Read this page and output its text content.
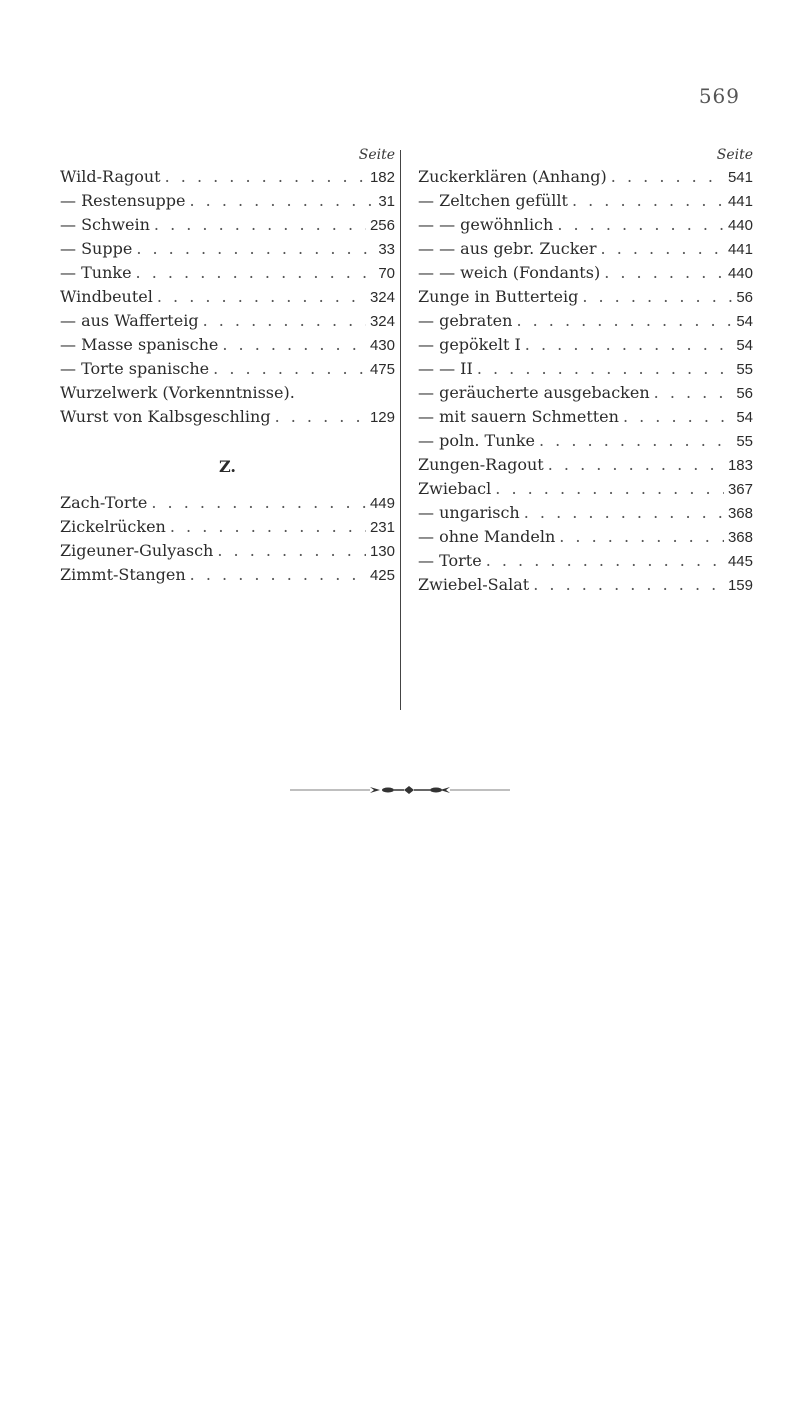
569
Seite
Wild-Ragout . . .	182
— Restensuppe . . .	31
— Schwein . . .	256
— Suppe . . .	33
— Tunke . . .	70
Windbeutel . . .	324
— aus Wafferteig . . .	324
— Masse spanische . . .	430
— Torte spanische . . .	475
Wurzelwerk (Vorkenntnisse).
Wurst von Kalbsgeschling . . .	129
Z.
Zach-Torte . . .	449
Zickelrücken . . .	231
Zigeuner-Gulyasch . . .	130
Zimmt-Stangen . . .	425
Seite
Zuckerklären (Anhang) . . .	541
— Zeltchen gefüllt . . .	441
— — gewöhnlich . . .	440
— — aus gebr. Zucker . . .	441
— — weich (Fondants) . . .	440
Zunge in Butterteig . . .	56
— gebraten . . .	54
— gepökelt I . . .	54
— — II . . .	55
— geräucherte ausgebacken . . .	56
— mit sauern Schmetten . . .	54
— poln. Tunke . . .	55
Zungen-Ragout . . .	183
Zwiebacl . . .	367
— ungarisch . . .	368
— ohne Mandeln . . .	368
— Torte . . .	445
Zwiebel-Salat . . .	159
